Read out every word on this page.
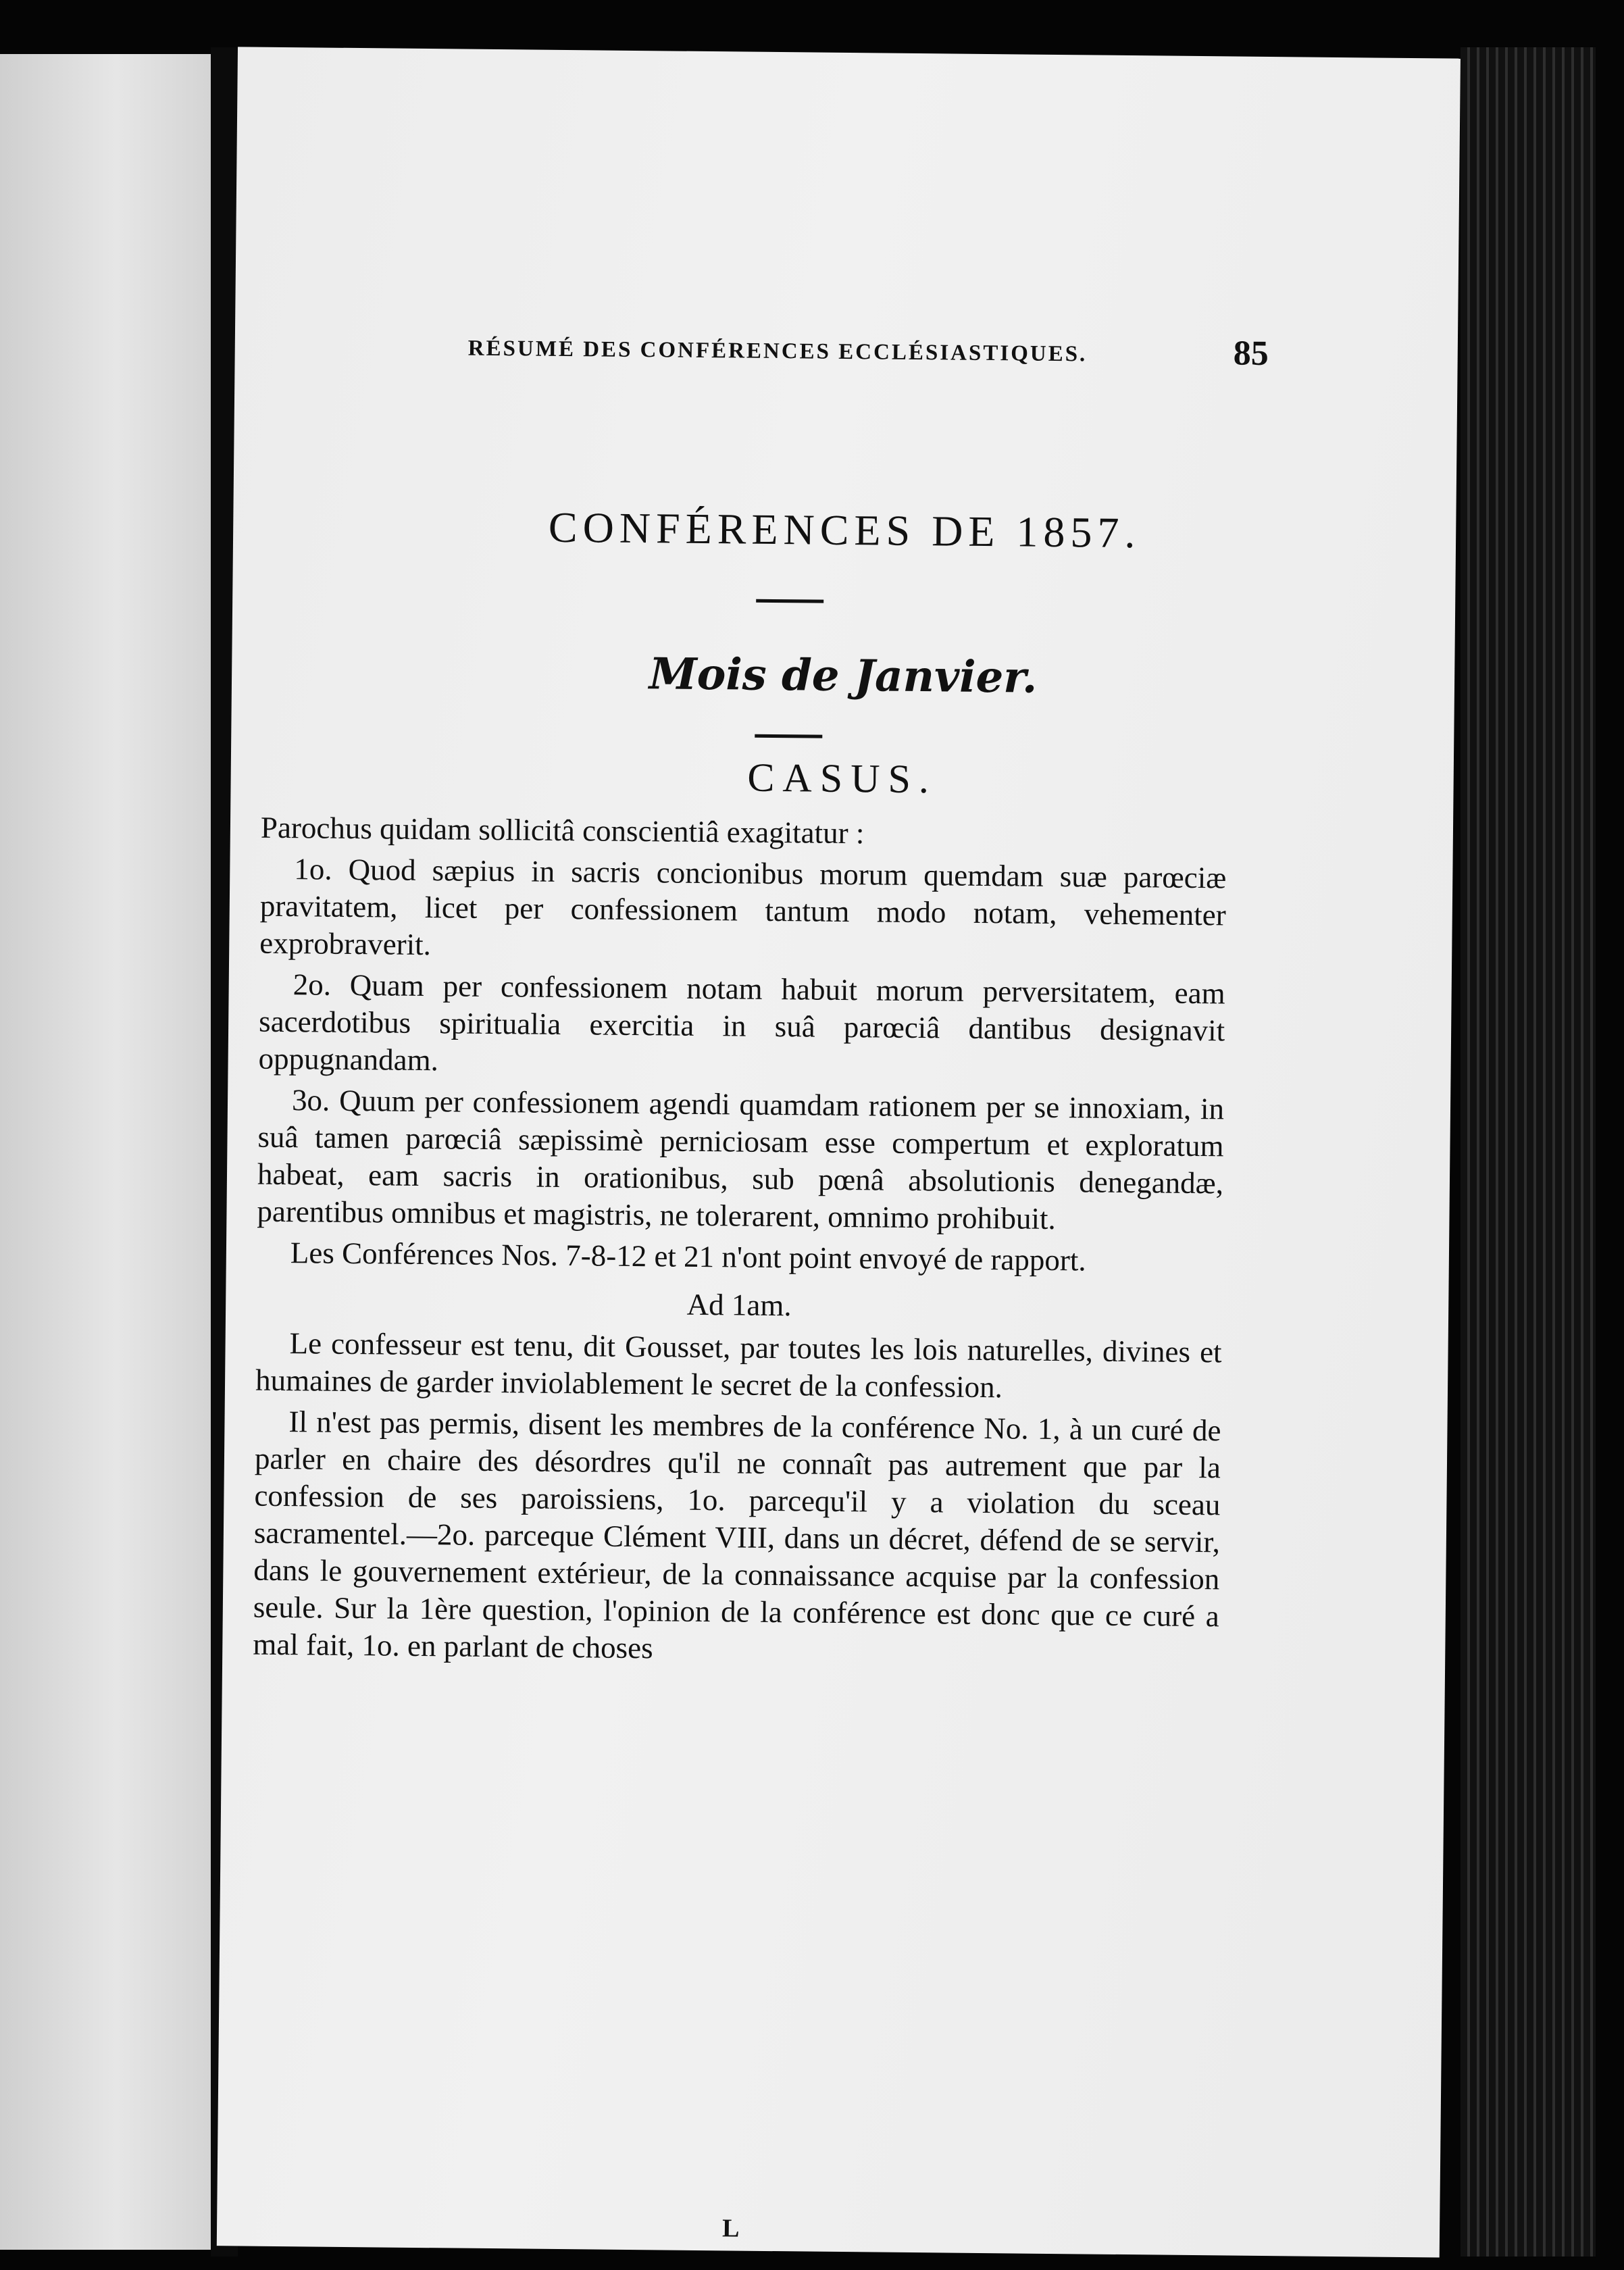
RÉSUMÉ DES CONFÉRENCES ECCLÉSIASTIQUES.	85
CONFÉRENCES DE 1857.
Mois de Janvier.
CASUS.

Parochus quidam sollicitâ conscientiâ exagitatur :

1o. Quod sæpius in sacris concionibus morum quemdam suæ parœciæ pravitatem, licet per confessionem tantum modo notam, vehementer exprobraverit.

2o. Quam per confessionem notam habuit morum perversitatem, eam sacerdotibus spiritualia exercitia in suâ parœciâ dantibus designavit oppugnandam.

3o. Quum per confessionem agendi quamdam rationem per se innoxiam, in suâ tamen parœciâ sæpissimè perniciosam esse compertum et exploratum habeat, eam sacris in orationibus, sub pœnâ absolutionis denegandæ, parentibus omnibus et magistris, ne tolerarent, omnimo prohibuit.

Les Conférences Nos. 7-8-12 et 21 n'ont point envoyé de rapport.

Ad 1am.

Le confesseur est tenu, dit Gousset, par toutes les lois naturelles, divines et humaines de garder inviolablement le secret de la confession.

Il n'est pas permis, disent les membres de la conférence No. 1, à un curé de parler en chaire des désordres qu'il ne connaît pas autrement que par la confession de ses paroissiens, 1o. parcequ'il y a violation du sceau sacramentel.—2o. parceque Clément VIII, dans un décret, défend de se servir, dans le gouvernement extérieur, de la connaissance acquise par la confession seule. Sur la 1ère question, l'opinion de la conférence est donc que ce curé a mal fait, 1o. en parlant de choses

L
